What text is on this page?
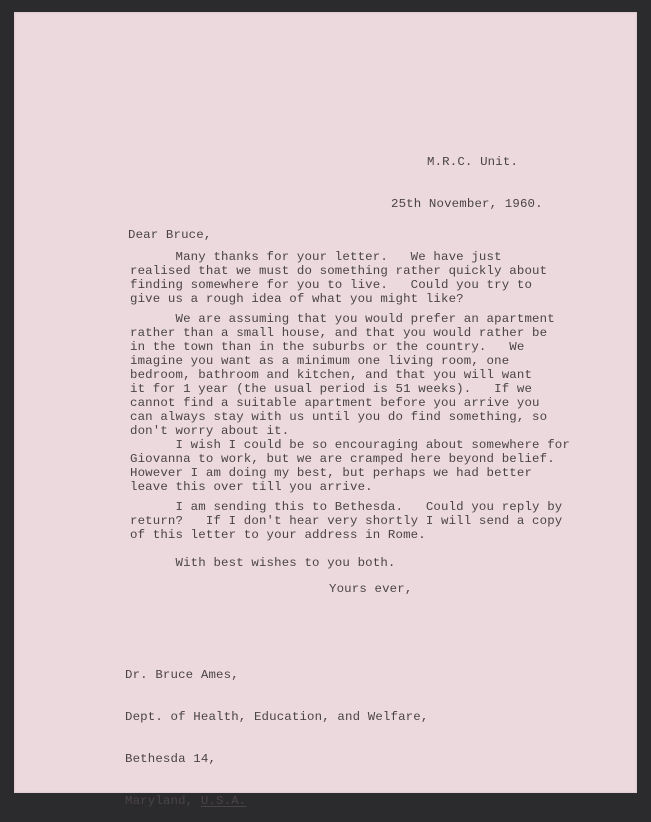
M.R.C. Unit.

25th November, 1960.

Dear Bruce,
Many thanks for your letter.   We have just
realised that we must do something rather quickly about
finding somewhere for you to live.   Could you try to
give us a rough idea of what you might like?
We are assuming that you would prefer an apartment
rather than a small house, and that you would rather be
in the town than in the suburbs or the country.   We
imagine you want as a minimum one living room, one
bedroom, bathroom and kitchen, and that you will want
it for 1 year (the usual period is 51 weeks).   If we
cannot find a suitable apartment before you arrive you
can always stay with us until you do find something, so
don't worry about it.
I wish I could be so encouraging about somewhere for
Giovanna to work, but we are cramped here beyond belief.
However I am doing my best, but perhaps we had better
leave this over till you arrive.
I am sending this to Bethesda.   Could you reply by
return?   If I don't hear very shortly I will send a copy
of this letter to your address in Rome.
With best wishes to you both.
Yours ever,

Dr. Bruce Ames,

Dept. of Health, Education, and Welfare,

Bethesda 14,

Maryland, U.S.A.
